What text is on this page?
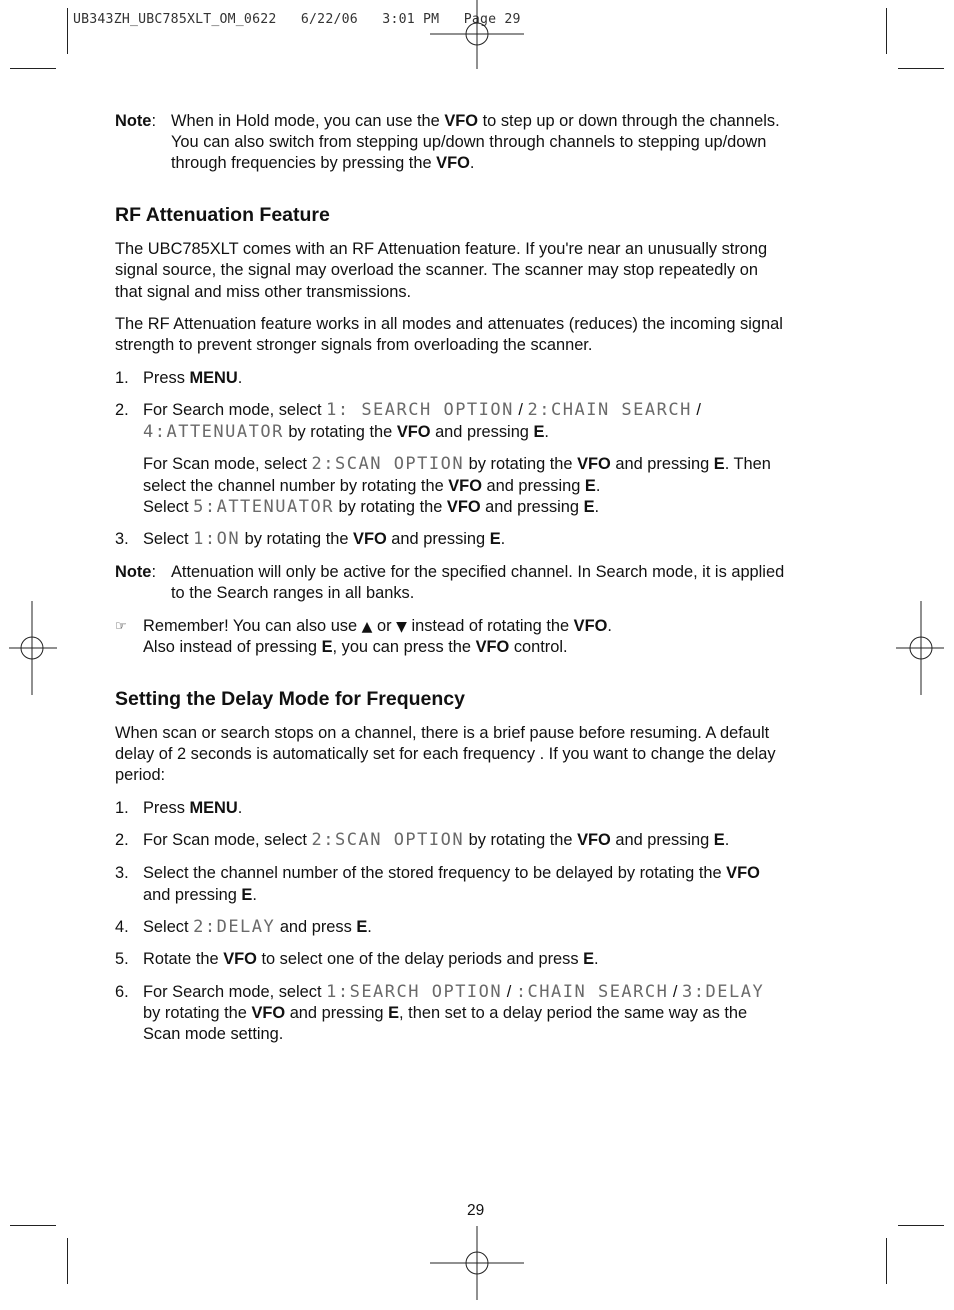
UB343ZH_UBC785XLT_OM_0622   6/22/06   3:01 PM   Page 29
Note: When in Hold mode, you can use the VFO to step up or down through the channels.
You can also switch from stepping up/down through channels to stepping up/down
through frequencies by pressing the VFO.
RF Attenuation Feature
The UBC785XLT comes with an RF Attenuation feature. If you're near an unusually strong
signal source, the signal may overload the scanner. The scanner may stop repeatedly on
that signal and miss other transmissions.
The RF Attenuation feature works in all modes and attenuates (reduces) the incoming signal
strength to prevent stronger signals from overloading the scanner.
1. Press MENU.
2. For Search mode, select 1: SEARCH OPTION / 2:CHAIN SEARCH /
4:ATTENUATOR by rotating the VFO and pressing E.
For Scan mode, select 2:SCAN OPTION by rotating the VFO and pressing E. Then
select the channel number by rotating the VFO and pressing E.
Select 5:ATTENUATOR by rotating the VFO and pressing E.
3. Select 1:ON by rotating the VFO and pressing E.
Note: Attenuation will only be active for the specified channel. In Search mode, it is applied
to the Search ranges in all banks.
☞ Remember! You can also use ▲ or ▼ instead of rotating the VFO.
Also instead of pressing E, you can press the VFO control.
Setting the Delay Mode for Frequency
When scan or search stops on a channel, there is a brief pause before resuming. A default
delay of 2 seconds is automatically set for each frequency . If you want to change the delay
period:
1. Press MENU.
2. For Scan mode, select 2:SCAN OPTION by rotating the VFO and pressing E.
3. Select the channel number of the stored frequency to be delayed by rotating the VFO
and pressing E.
4. Select 2:DELAY and press E.
5. Rotate the VFO to select one of the delay periods and press E.
6. For Search mode, select 1:SEARCH OPTION / :CHAIN SEARCH / 3:DELAY
by rotating the VFO and pressing E, then set to a delay period the same way as the
Scan mode setting.
29
